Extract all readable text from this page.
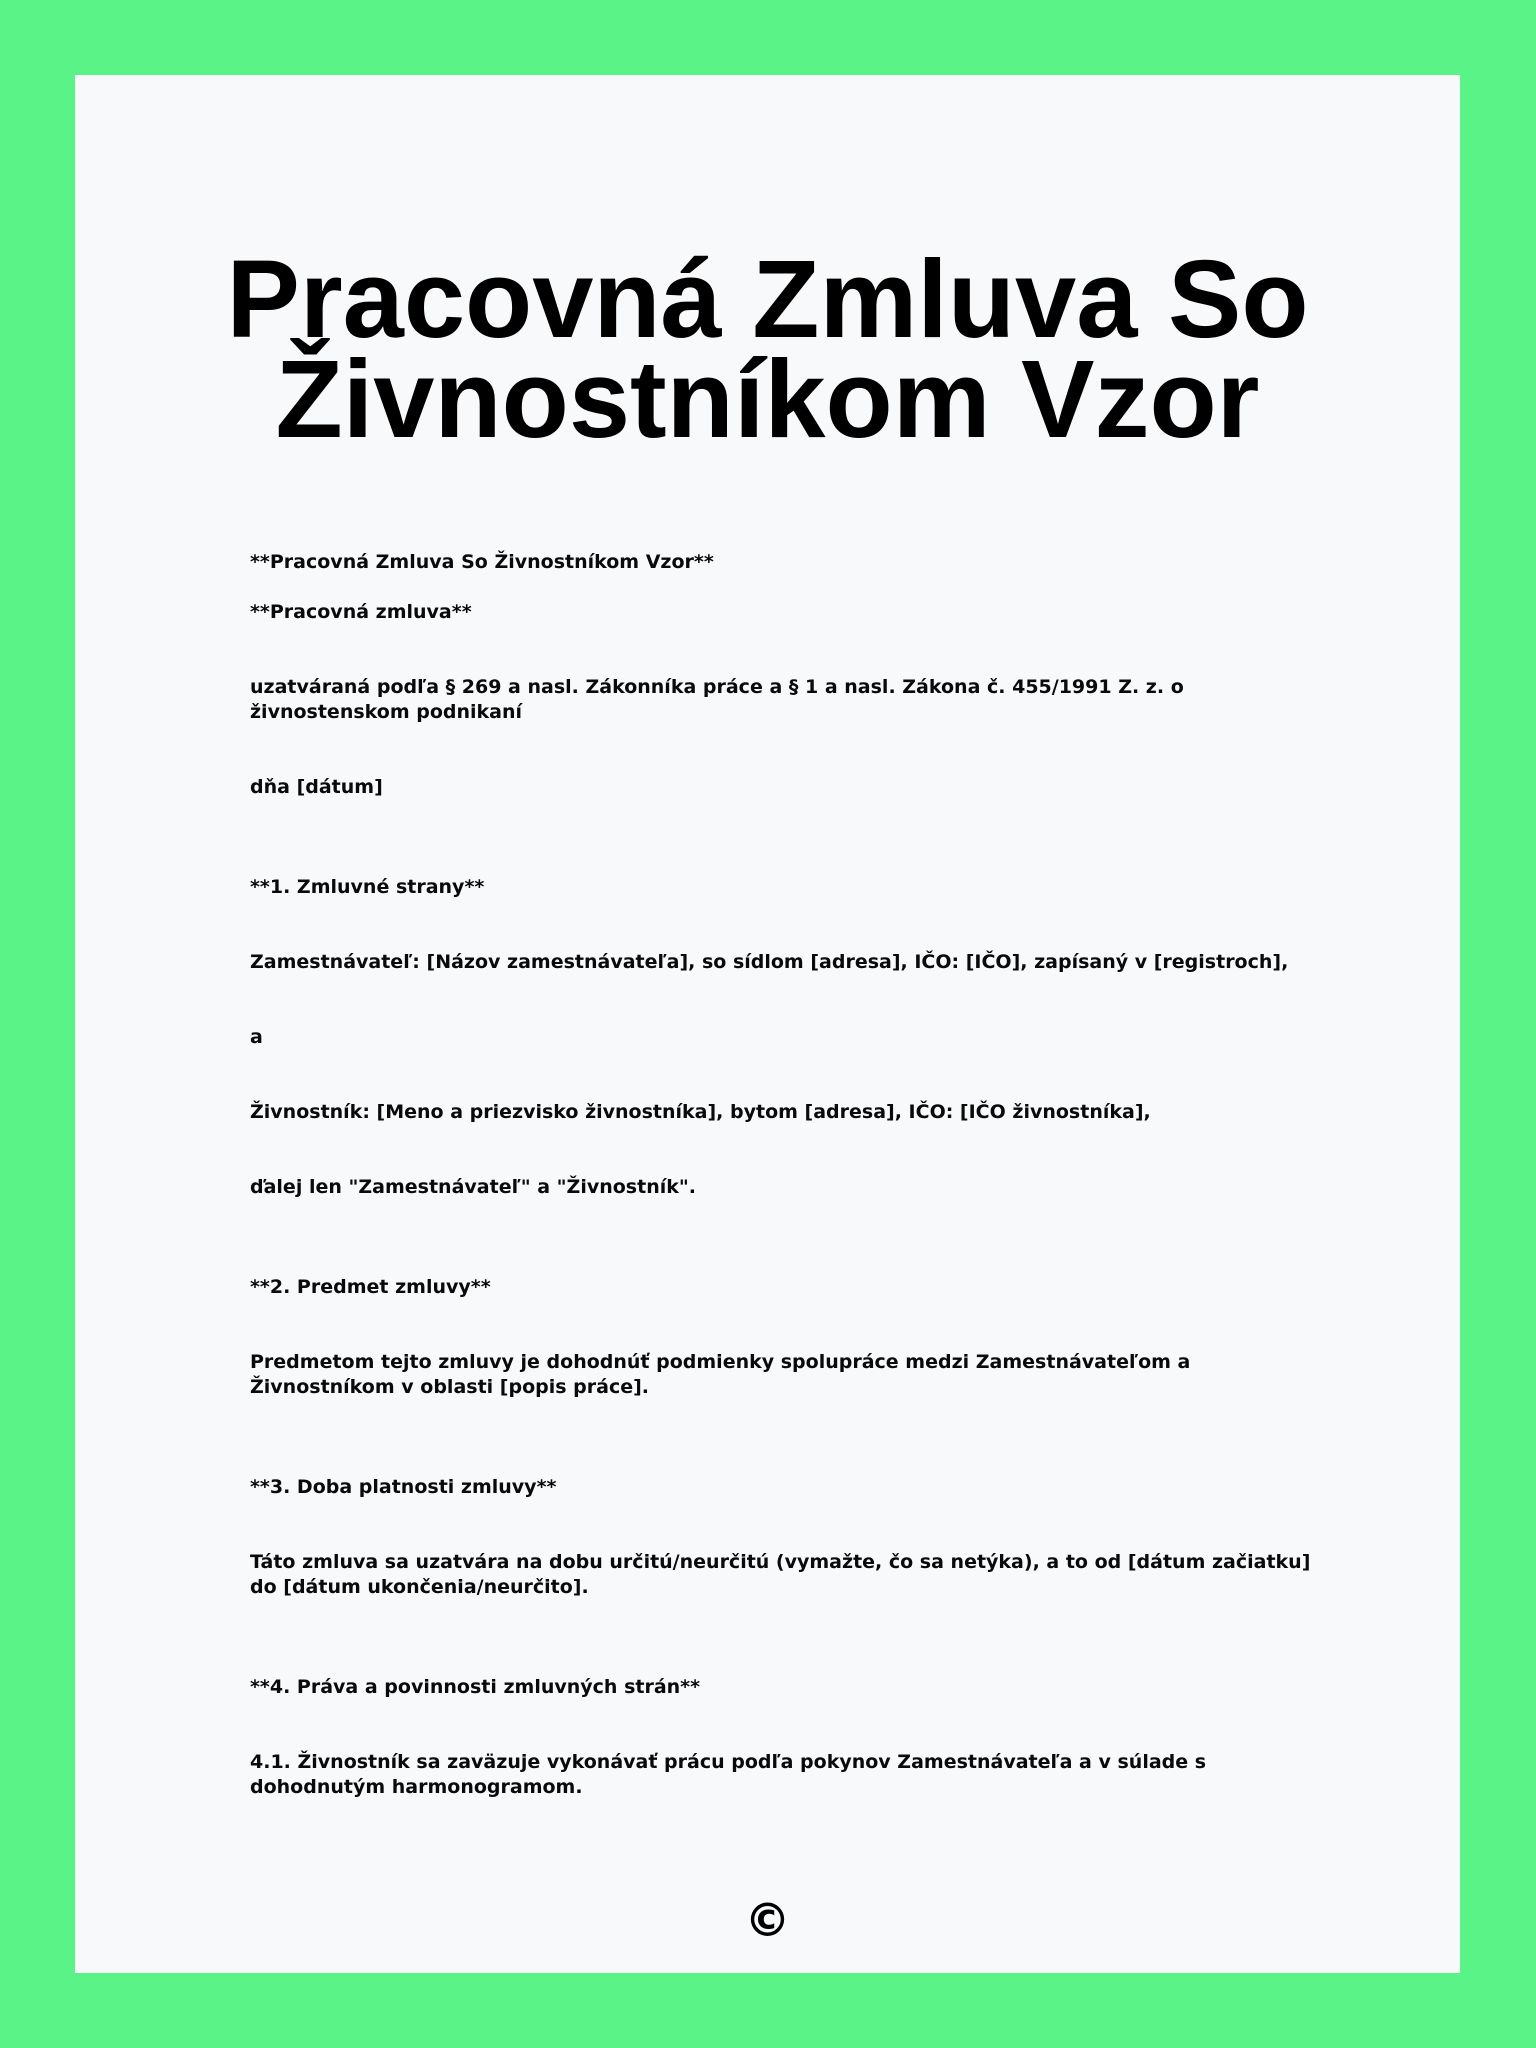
Pracovná Zmluva So
Živnostníkom Vzor

**Pracovná Zmluva So Živnostníkom Vzor**

**Pracovná zmluva**

uzatváraná podľa § 269 a nasl. Zákonníka práce a § 1 a nasl. Zákona č. 455/1991 Z. z. o živnostenskom podnikaní

dňa [dátum]

**1. Zmluvné strany**

Zamestnávateľ: [Názov zamestnávateľa], so sídlom [adresa], IČO: [IČO], zapísaný v [registroch],

a

Živnostník: [Meno a priezvisko živnostníka], bytom [adresa], IČO: [IČO živnostníka],

ďalej len "Zamestnávateľ" a "Živnostník".

**2. Predmet zmluvy**

Predmetom tejto zmluvy je dohodnúť podmienky spolupráce medzi Zamestnávateľom a Živnostníkom v oblasti [popis práce].

**3. Doba platnosti zmluvy**

Táto zmluva sa uzatvára na dobu určitú/neurčitú (vymažte, čo sa netýka), a to od [dátum začiatku] do [dátum ukončenia/neurčito].

**4. Práva a povinnosti zmluvných strán**

4.1. Živnostník sa zaväzuje vykonávať prácu podľa pokynov Zamestnávateľa a v súlade s dohodnutým harmonogramom.

©
